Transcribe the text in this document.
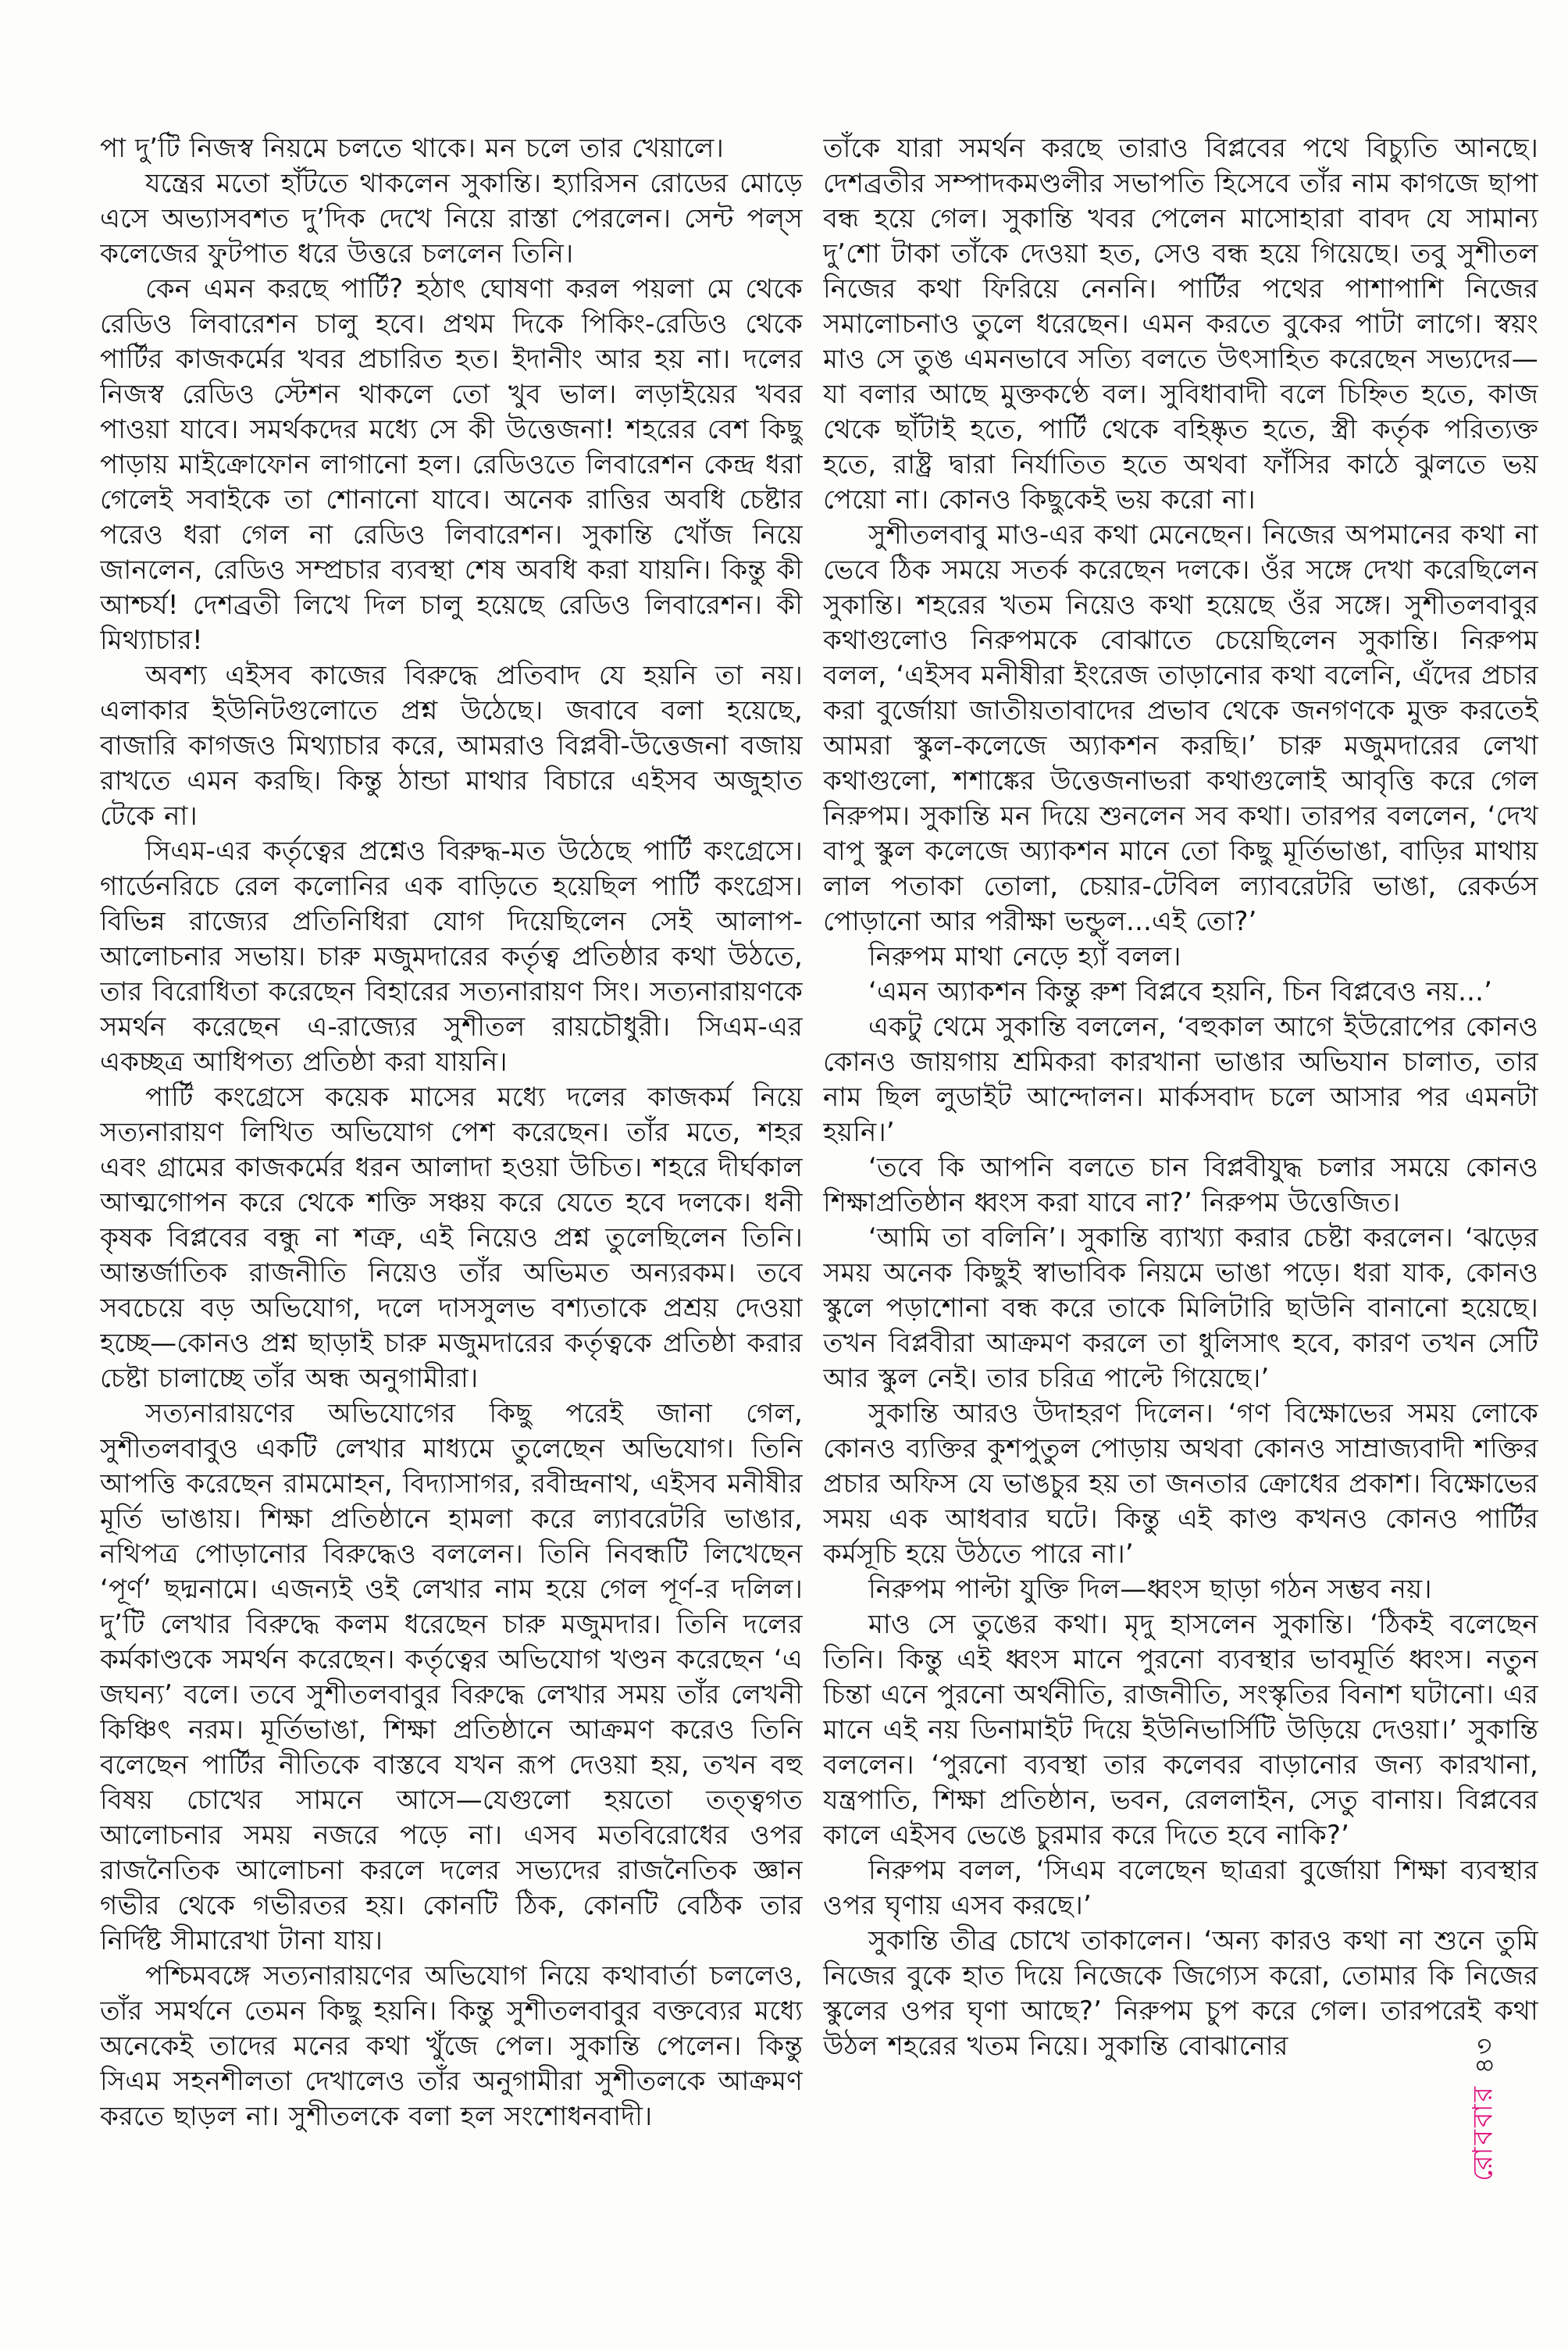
পা দু’টি নিজস্ব নিয়মে চলতে থাকে। মন চলে তার খেয়ালে।

যন্ত্রের মতো হাঁটতে থাকলেন সুকান্তি। হ্যারিসন রোডের মোড়ে এসে অভ্যাসবশত দু’দিক দেখে নিয়ে রাস্তা পেরলেন। সেন্ট পল্‌স কলেজের ফুটপাত ধরে উত্তরে চললেন তিনি।

কেন এমন করছে পার্টি? হঠাৎ ঘোষণা করল পয়লা মে থেকে রেডিও লিবারেশন চালু হবে। প্রথম দিকে পিকিং-রেডিও থেকে পার্টির কাজকর্মের খবর প্রচারিত হত। ইদানীং আর হয় না। দলের নিজস্ব রেডিও স্টেশন থাকলে তো খুব ভাল। লড়াইয়ের খবর পাওয়া যাবে। সমর্থকদের মধ্যে সে কী উত্তেজনা! শহরের বেশ কিছু পাড়ায় মাইক্রোফোন লাগানো হল। রেডিওতে লিবারেশন কেন্দ্র ধরা গেলেই সবাইকে তা শোনানো যাবে। অনেক রাত্তির অবধি চেষ্টার পরেও ধরা গেল না রেডিও লিবারেশন। সুকান্তি খোঁজ নিয়ে জানলেন, রেডিও সম্প্রচার ব্যবস্থা শেষ অবধি করা যায়নি। কিন্তু কী আশ্চর্য! দেশব্রতী লিখে দিল চালু হয়েছে রেডিও লিবারেশন। কী মিথ্যাচার!

অবশ্য এইসব কাজের বিরুদ্ধে প্রতিবাদ যে হয়নি তা নয়। এলাকার ইউনিটগুলোতে প্রশ্ন উঠেছে। জবাবে বলা হয়েছে, বাজারি কাগজও মিথ্যাচার করে, আমরাও বিপ্লবী-উত্তেজনা বজায় রাখতে এমন করছি। কিন্তু ঠান্ডা মাথার বিচারে এইসব অজুহাত টেকে না।

সিএম-এর কর্তৃত্বের প্রশ্নেও বিরুদ্ধ-মত উঠেছে পার্টি কংগ্রেসে। গার্ডেনরিচে রেল কলোনির এক বাড়িতে হয়েছিল পার্টি কংগ্রেস। বিভিন্ন রাজ্যের প্রতিনিধিরা যোগ দিয়েছিলেন সেই আলাপ-আলোচনার সভায়। চারু মজুমদারের কর্তৃত্ব প্রতিষ্ঠার কথা উঠতে, তার বিরোধিতা করেছেন বিহারের সত্যনারায়ণ সিং। সত্যনারায়ণকে সমর্থন করেছেন এ-রাজ্যের সুশীতল রায়চৌধুরী। সিএম-এর একচ্ছত্র আধিপত্য প্রতিষ্ঠা করা যায়নি।

পার্টি কংগ্রেসে কয়েক মাসের মধ্যে দলের কাজকর্ম নিয়ে সত্যনারায়ণ লিখিত অভিযোগ পেশ করেছেন। তাঁর মতে, শহর এবং গ্রামের কাজকর্মের ধরন আলাদা হওয়া উচিত। শহরে দীর্ঘকাল আত্মগোপন করে থেকে শক্তি সঞ্চয় করে যেতে হবে দলকে। ধনী কৃষক বিপ্লবের বন্ধু না শত্রু, এই নিয়েও প্রশ্ন তুলেছিলেন তিনি। আন্তর্জাতিক রাজনীতি নিয়েও তাঁর অভিমত অন্যরকম। তবে সবচেয়ে বড় অভিযোগ, দলে দাসসুলভ বশ্যতাকে প্রশ্রয় দেওয়া হচ্ছে—কোনও প্রশ্ন ছাড়াই চারু মজুমদারের কর্তৃত্বকে প্রতিষ্ঠা করার চেষ্টা চালাচ্ছে তাঁর অন্ধ অনুগামীরা।

সত্যনারায়ণের অভিযোগের কিছু পরেই জানা গেল, সুশীতলবাবুও একটি লেখার মাধ্যমে তুলেছেন অভিযোগ। তিনি আপত্তি করেছেন রামমোহন, বিদ্যাসাগর, রবীন্দ্রনাথ, এইসব মনীষীর মূর্তি ভাঙায়। শিক্ষা প্রতিষ্ঠানে হামলা করে ল্যাবরেটরি ভাঙার, নথিপত্র পোড়ানোর বিরুদ্ধেও বললেন। তিনি নিবন্ধটি লিখেছেন ‘পূর্ণ’ ছদ্মনামে। এজন্যই ওই লেখার নাম হয়ে গেল পূর্ণ-র দলিল। দু’টি লেখার বিরুদ্ধে কলম ধরেছেন চারু মজুমদার। তিনি দলের কর্মকাণ্ডকে সমর্থন করেছেন। কর্তৃত্বের অভিযোগ খণ্ডন করেছেন ‘এ জঘন্য’ বলে। তবে সুশীতলবাবুর বিরুদ্ধে লেখার সময় তাঁর লেখনী কিঞ্চিৎ নরম। মূর্তিভাঙা, শিক্ষা প্রতিষ্ঠানে আক্রমণ করেও তিনি বলেছেন পার্টির নীতিকে বাস্তবে যখন রূপ দেওয়া হয়, তখন বহু বিষয় চোখের সামনে আসে—যেগুলো হয়তো তত্ত্বগত আলোচনার সময় নজরে পড়ে না। এসব মতবিরোধের ওপর রাজনৈতিক আলোচনা করলে দলের সভ্যদের রাজনৈতিক জ্ঞান গভীর থেকে গভীরতর হয়। কোনটি ঠিক, কোনটি বেঠিক তার নির্দিষ্ট সীমারেখা টানা যায়।

পশ্চিমবঙ্গে সত্যনারায়ণের অভিযোগ নিয়ে কথাবার্তা চললেও, তাঁর সমর্থনে তেমন কিছু হয়নি। কিন্তু সুশীতলবাবুর বক্তব্যের মধ্যে অনেকেই তাদের মনের কথা খুঁজে পেল। সুকান্তি পেলেন। কিন্তু সিএম সহনশীলতা দেখালেও তাঁর অনুগামীরা সুশীতলকে আক্রমণ করতে ছাড়ল না। সুশীতলকে বলা হল সংশোধনবাদী।

তাঁকে যারা সমর্থন করছে তারাও বিপ্লবের পথে বিচ্যুতি আনছে। দেশব্রতীর সম্পাদকমণ্ডলীর সভাপতি হিসেবে তাঁর নাম কাগজে ছাপা বন্ধ হয়ে গেল। সুকান্তি খবর পেলেন মাসোহারা বাবদ যে সামান্য দু’শো টাকা তাঁকে দেওয়া হত, সেও বন্ধ হয়ে গিয়েছে। তবু সুশীতল নিজের কথা ফিরিয়ে নেননি। পার্টির পথের পাশাপাশি নিজের সমালোচনাও তুলে ধরেছেন। এমন করতে বুকের পাটা লাগে। স্বয়ং মাও সে তুঙ এমনভাবে সত্যি বলতে উৎসাহিত করেছেন সভ্যদের—যা বলার আছে মুক্তকণ্ঠে বল। সুবিধাবাদী বলে চিহ্নিত হতে, কাজ থেকে ছাঁটাই হতে, পার্টি থেকে বহিষ্কৃত হতে, স্ত্রী কর্তৃক পরিত্যক্ত হতে, রাষ্ট্র দ্বারা নির্যাতিত হতে অথবা ফাঁসির কাঠে ঝুলতে ভয় পেয়ো না। কোনও কিছুকেই ভয় করো না।

সুশীতলবাবু মাও-এর কথা মেনেছেন। নিজের অপমানের কথা না ভেবে ঠিক সময়ে সতর্ক করেছেন দলকে। ওঁর সঙ্গে দেখা করেছিলেন সুকান্তি। শহরের খতম নিয়েও কথা হয়েছে ওঁর সঙ্গে। সুশীতলবাবুর কথাগুলোও নিরুপমকে বোঝাতে চেয়েছিলেন সুকান্তি। নিরুপম বলল, ‘এইসব মনীষীরা ইংরেজ তাড়ানোর কথা বলেনি, এঁদের প্রচার করা বুর্জোয়া জাতীয়তাবাদের প্রভাব থেকে জনগণকে মুক্ত করতেই আমরা স্কুল-কলেজে অ্যাকশন করছি।’ চারু মজুমদারের লেখা কথাগুলো, শশাঙ্কের উত্তেজনাভরা কথাগুলোই আবৃত্তি করে গেল নিরুপম। সুকান্তি মন দিয়ে শুনলেন সব কথা। তারপর বললেন, ‘দেখ বাপু স্কুল কলেজে অ্যাকশন মানে তো কিছু মূর্তিভাঙা, বাড়ির মাথায় লাল পতাকা তোলা, চেয়ার-টেবিল ল্যাবরেটরি ভাঙা, রেকর্ডস পোড়ানো আর পরীক্ষা ভন্ডুল...এই তো?’

নিরুপম মাথা নেড়ে হ্যাঁ বলল।

‘এমন অ্যাকশন কিন্তু রুশ বিপ্লবে হয়নি, চিন বিপ্লবেও নয়...’

একটু থেমে সুকান্তি বললেন, ‘বহুকাল আগে ইউরোপের কোনও কোনও জায়গায় শ্রমিকরা কারখানা ভাঙার অভিযান চালাত, তার নাম ছিল লুডাইট আন্দোলন। মার্কসবাদ চলে আসার পর এমনটা হয়নি।’

‘তবে কি আপনি বলতে চান বিপ্লবীযুদ্ধ চলার সময়ে কোনও শিক্ষাপ্রতিষ্ঠান ধ্বংস করা যাবে না?’ নিরুপম উত্তেজিত।

‘আমি তা বলিনি’। সুকান্তি ব্যাখ্যা করার চেষ্টা করলেন। ‘ঝড়ের সময় অনেক কিছুই স্বাভাবিক নিয়মে ভাঙা পড়ে। ধরা যাক, কোনও স্কুলে পড়াশোনা বন্ধ করে তাকে মিলিটারি ছাউনি বানানো হয়েছে। তখন বিপ্লবীরা আক্রমণ করলে তা ধুলিসাৎ হবে, কারণ তখন সেটি আর স্কুল নেই। তার চরিত্র পাল্টে গিয়েছে।’

সুকান্তি আরও উদাহরণ দিলেন। ‘গণ বিক্ষোভের সময় লোকে কোনও ব্যক্তির কুশপুতুল পোড়ায় অথবা কোনও সাম্রাজ্যবাদী শক্তির প্রচার অফিস যে ভাঙচুর হয় তা জনতার ক্রোধের প্রকাশ। বিক্ষোভের সময় এক আধবার ঘটে। কিন্তু এই কাণ্ড কখনও কোনও পার্টির কর্মসূচি হয়ে উঠতে পারে না।’

নিরুপম পাল্টা যুক্তি দিল—ধ্বংস ছাড়া গঠন সম্ভব নয়।

মাও সে তুঙের কথা। মৃদু হাসলেন সুকান্তি। ‘ঠিকই বলেছেন তিনি। কিন্তু এই ধ্বংস মানে পুরনো ব্যবস্থার ভাবমূর্তি ধ্বংস। নতুন চিন্তা এনে পুরনো অর্থনীতি, রাজনীতি, সংস্কৃতির বিনাশ ঘটানো। এর মানে এই নয় ডিনামাইট দিয়ে ইউনিভার্সিটি উড়িয়ে দেওয়া।’ সুকান্তি বললেন। ‘পুরনো ব্যবস্থা তার কলেবর বাড়ানোর জন্য কারখানা, যন্ত্রপাতি, শিক্ষা প্রতিষ্ঠান, ভবন, রেললাইন, সেতু বানায়। বিপ্লবের কালে এইসব ভেঙে চুরমার করে দিতে হবে নাকি?’

নিরুপম বলল, ‘সিএম বলেছেন ছাত্ররা বুর্জোয়া শিক্ষা ব্যবস্থার ওপর ঘৃণায় এসব করছে।’

সুকান্তি তীব্র চোখে তাকালেন। ‘অন্য কারও কথা না শুনে তুমি নিজের বুকে হাত দিয়ে নিজেকে জিগ্যেস করো, তোমার কি নিজের স্কুলের ওপর ঘৃণা আছে?’ নিরুপম চুপ করে গেল। তারপরেই কথা উঠল শহরের খতম নিয়ে। সুকান্তি বোঝানোর	৪৩
রোববার
